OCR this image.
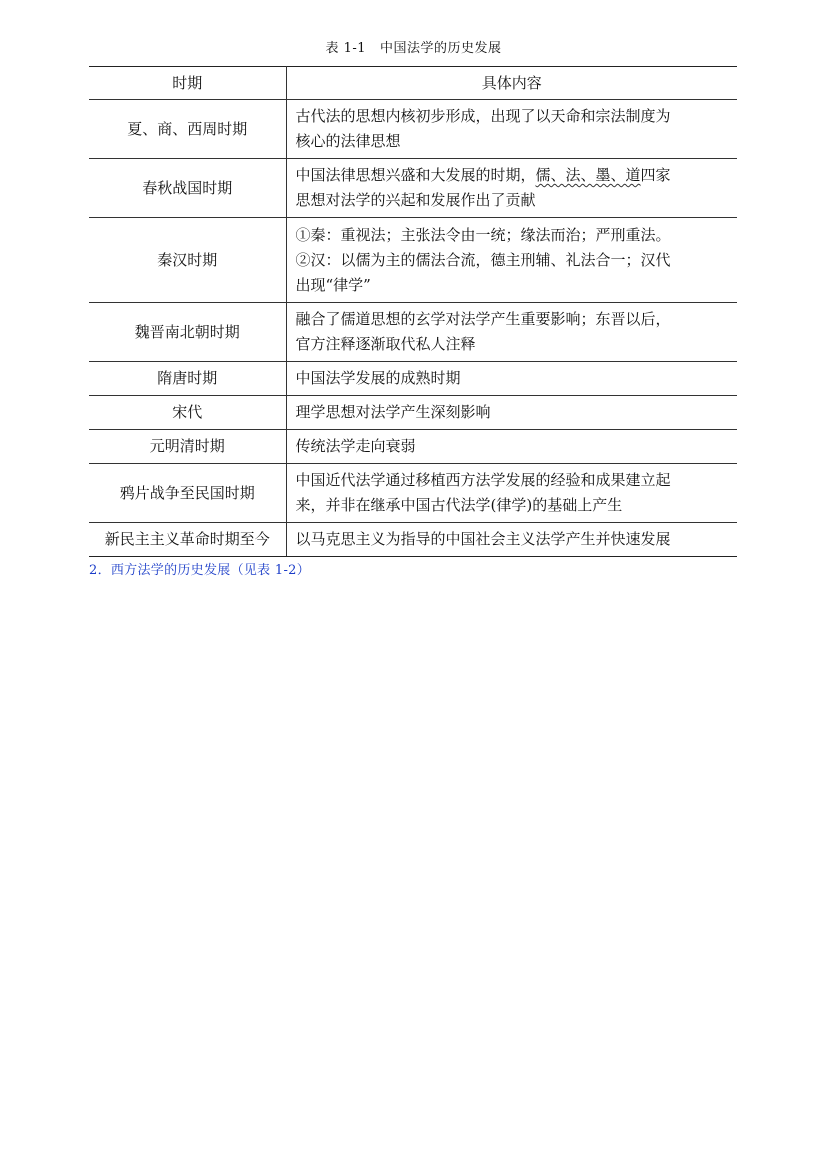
表 1-1 中国法学的历史发展
时期	具体内容
夏、商、西周时期	古代法的思想内核初步形成，出现了以天命和宗法制度为
核心的法律思想

春秋战国时期	中国法律思想兴盛和大发展的时期，儒、法、墨、道四家
思想对法学的兴起和发展作出了贡献

秦汉时期	①秦：重视法；主张法令由一统；缘法而治；严刑重法。
②汉：以儒为主的儒法合流，德主刑辅、礼法合一；汉代
出现“律学”

魏晋南北朝时期	融合了儒道思想的玄学对法学产生重要影响；东晋以后，
官方注释逐渐取代私人注释

隋唐时期	中国法学发展的成熟时期

宋代	理学思想对法学产生深刻影响

元明清时期	传统法学走向衰弱

鸦片战争至民国时期	中国近代法学通过移植西方法学发展的经验和成果建立起
来，并非在继承中国古代法学(律学)的基础上产生

新民主主义革命时期至今	以马克思主义为指导的中国社会主义法学产生并快速发展
2．西方法学的历史发展（见表 1-2）
